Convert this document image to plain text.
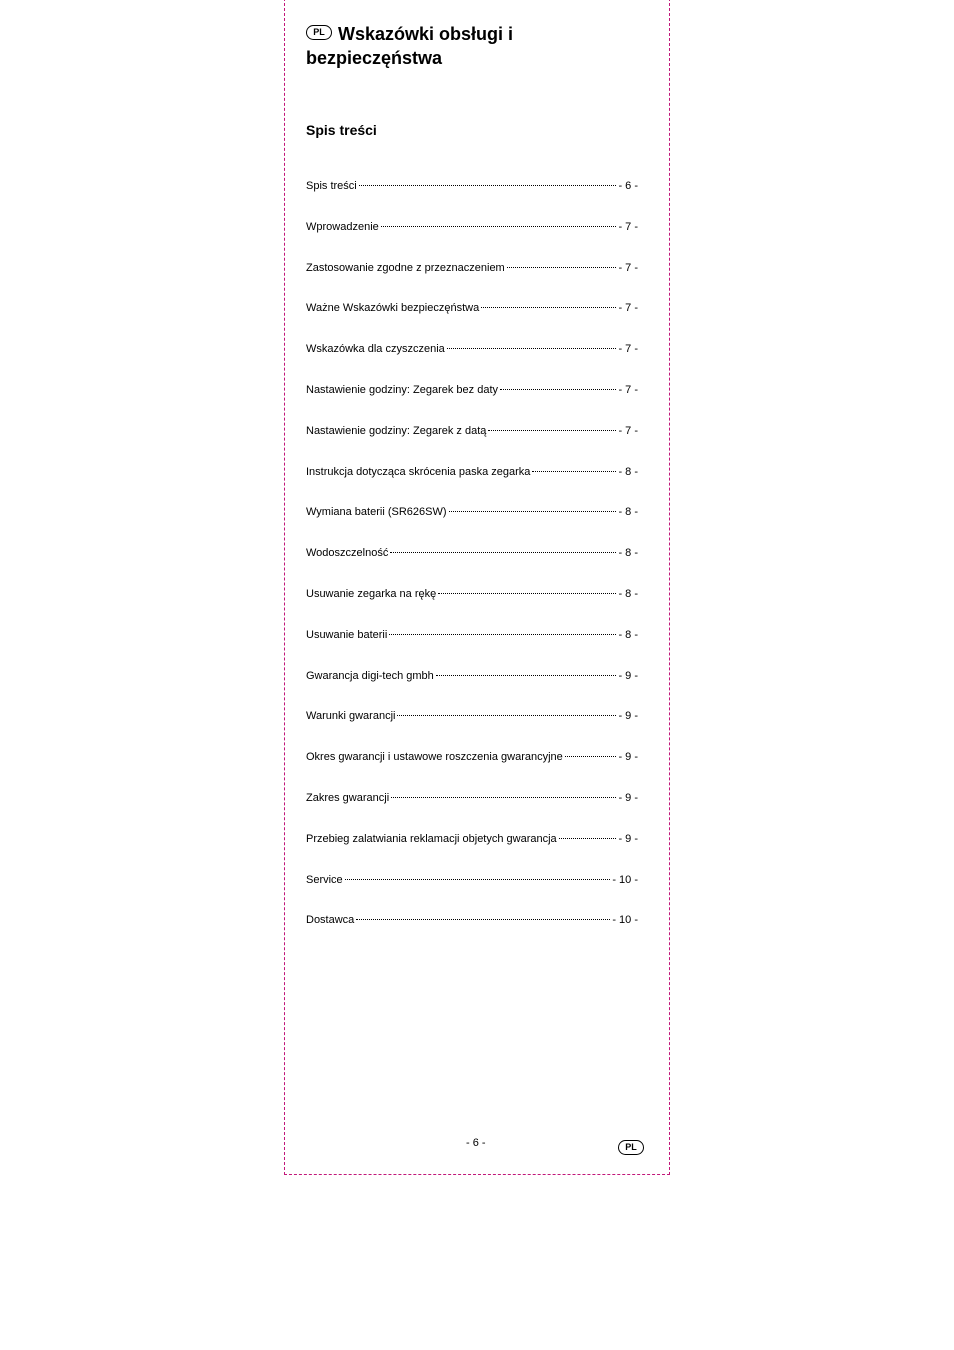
PL Wskazówki obsługi i
bezpieczęństwa
Spis treści
Spis treści	- 6 -
Wprowadzenie	- 7 -
Zastosowanie zgodne z przeznaczeniem	- 7 -
Ważne Wskazówki bezpieczęństwa	- 7 -
Wskazówka dla czyszczenia	- 7 -
Nastawienie godziny: Zegarek bez daty	- 7 -
Nastawienie godziny: Zegarek z datą	- 7 -
Instrukcja dotycząca skrócenia paska zegarka	- 8 -
Wymiana baterii (SR626SW)	- 8 -
Wodoszczelność	- 8 -
Usuwanie zegarka na rękę	- 8 -
Usuwanie baterii	- 8 -
Gwarancja digi-tech gmbh	- 9 -
Warunki gwarancji	- 9 -
Okres gwarancji i ustawowe roszczenia gwarancyjne	- 9 -
Zakres gwarancji	- 9 -
Przebieg zalatwiania reklamacji objetych gwarancja	- 9 -
Service	- 10 -
Dostawca	- 10 -
- 6 -	PL
